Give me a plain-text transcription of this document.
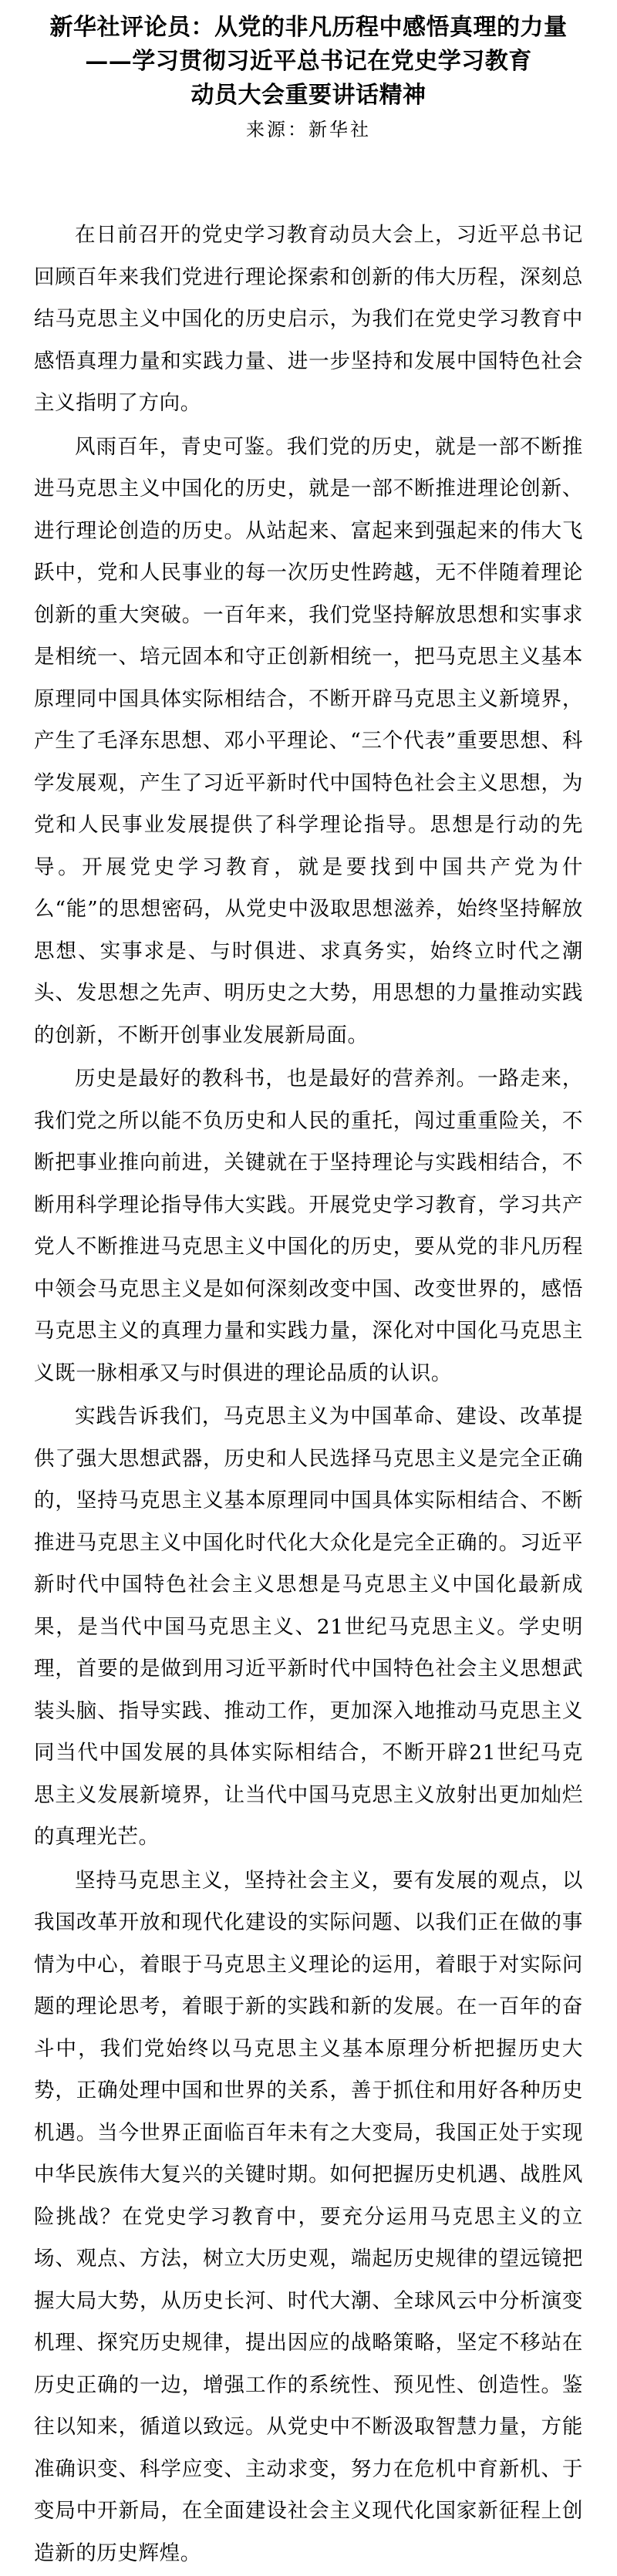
新华社评论员：从党的非凡历程中感悟真理的力量
——学习贯彻习近平总书记在党史学习教育
动员大会重要讲话精神
来源：新华社

在日前召开的党史学习教育动员大会上，习近平总书记回顾百年来我们党进行理论探索和创新的伟大历程，深刻总结马克思主义中国化的历史启示，为我们在党史学习教育中感悟真理力量和实践力量、进一步坚持和发展中国特色社会主义指明了方向。

风雨百年，青史可鉴。我们党的历史，就是一部不断推进马克思主义中国化的历史，就是一部不断推进理论创新、进行理论创造的历史。从站起来、富起来到强起来的伟大飞跃中，党和人民事业的每一次历史性跨越，无不伴随着理论创新的重大突破。一百年来，我们党坚持解放思想和实事求是相统一、培元固本和守正创新相统一，把马克思主义基本原理同中国具体实际相结合，不断开辟马克思主义新境界，产生了毛泽东思想、邓小平理论、“三个代表”重要思想、科学发展观，产生了习近平新时代中国特色社会主义思想，为党和人民事业发展提供了科学理论指导。思想是行动的先导。开展党史学习教育，就是要找到中国共产党为什么“能”的思想密码，从党史中汲取思想滋养，始终坚持解放思想、实事求是、与时俱进、求真务实，始终立时代之潮头、发思想之先声、明历史之大势，用思想的力量推动实践的创新，不断开创事业发展新局面。

历史是最好的教科书，也是最好的营养剂。一路走来，我们党之所以能不负历史和人民的重托，闯过重重险关，不断把事业推向前进，关键就在于坚持理论与实践相结合，不断用科学理论指导伟大实践。开展党史学习教育，学习共产党人不断推进马克思主义中国化的历史，要从党的非凡历程中领会马克思主义是如何深刻改变中国、改变世界的，感悟马克思主义的真理力量和实践力量，深化对中国化马克思主义既一脉相承又与时俱进的理论品质的认识。

实践告诉我们，马克思主义为中国革命、建设、改革提供了强大思想武器，历史和人民选择马克思主义是完全正确的，坚持马克思主义基本原理同中国具体实际相结合、不断推进马克思主义中国化时代化大众化是完全正确的。习近平新时代中国特色社会主义思想是马克思主义中国化最新成果，是当代中国马克思主义、21世纪马克思主义。学史明理，首要的是做到用习近平新时代中国特色社会主义思想武装头脑、指导实践、推动工作，更加深入地推动马克思主义同当代中国发展的具体实际相结合，不断开辟21世纪马克思主义发展新境界，让当代中国马克思主义放射出更加灿烂的真理光芒。

坚持马克思主义，坚持社会主义，要有发展的观点，以我国改革开放和现代化建设的实际问题、以我们正在做的事情为中心，着眼于马克思主义理论的运用，着眼于对实际问题的理论思考，着眼于新的实践和新的发展。在一百年的奋斗中，我们党始终以马克思主义基本原理分析把握历史大势，正确处理中国和世界的关系，善于抓住和用好各种历史机遇。当今世界正面临百年未有之大变局，我国正处于实现中华民族伟大复兴的关键时期。如何把握历史机遇、战胜风险挑战？在党史学习教育中，要充分运用马克思主义的立场、观点、方法，树立大历史观，端起历史规律的望远镜把握大局大势，从历史长河、时代大潮、全球风云中分析演变机理、探究历史规律，提出因应的战略策略，坚定不移站在历史正确的一边，增强工作的系统性、预见性、创造性。鉴往以知来，循道以致远。从党史中不断汲取智慧力量，方能准确识变、科学应变、主动求变，努力在危机中育新机、于变局中开新局，在全面建设社会主义现代化国家新征程上创造新的历史辉煌。
